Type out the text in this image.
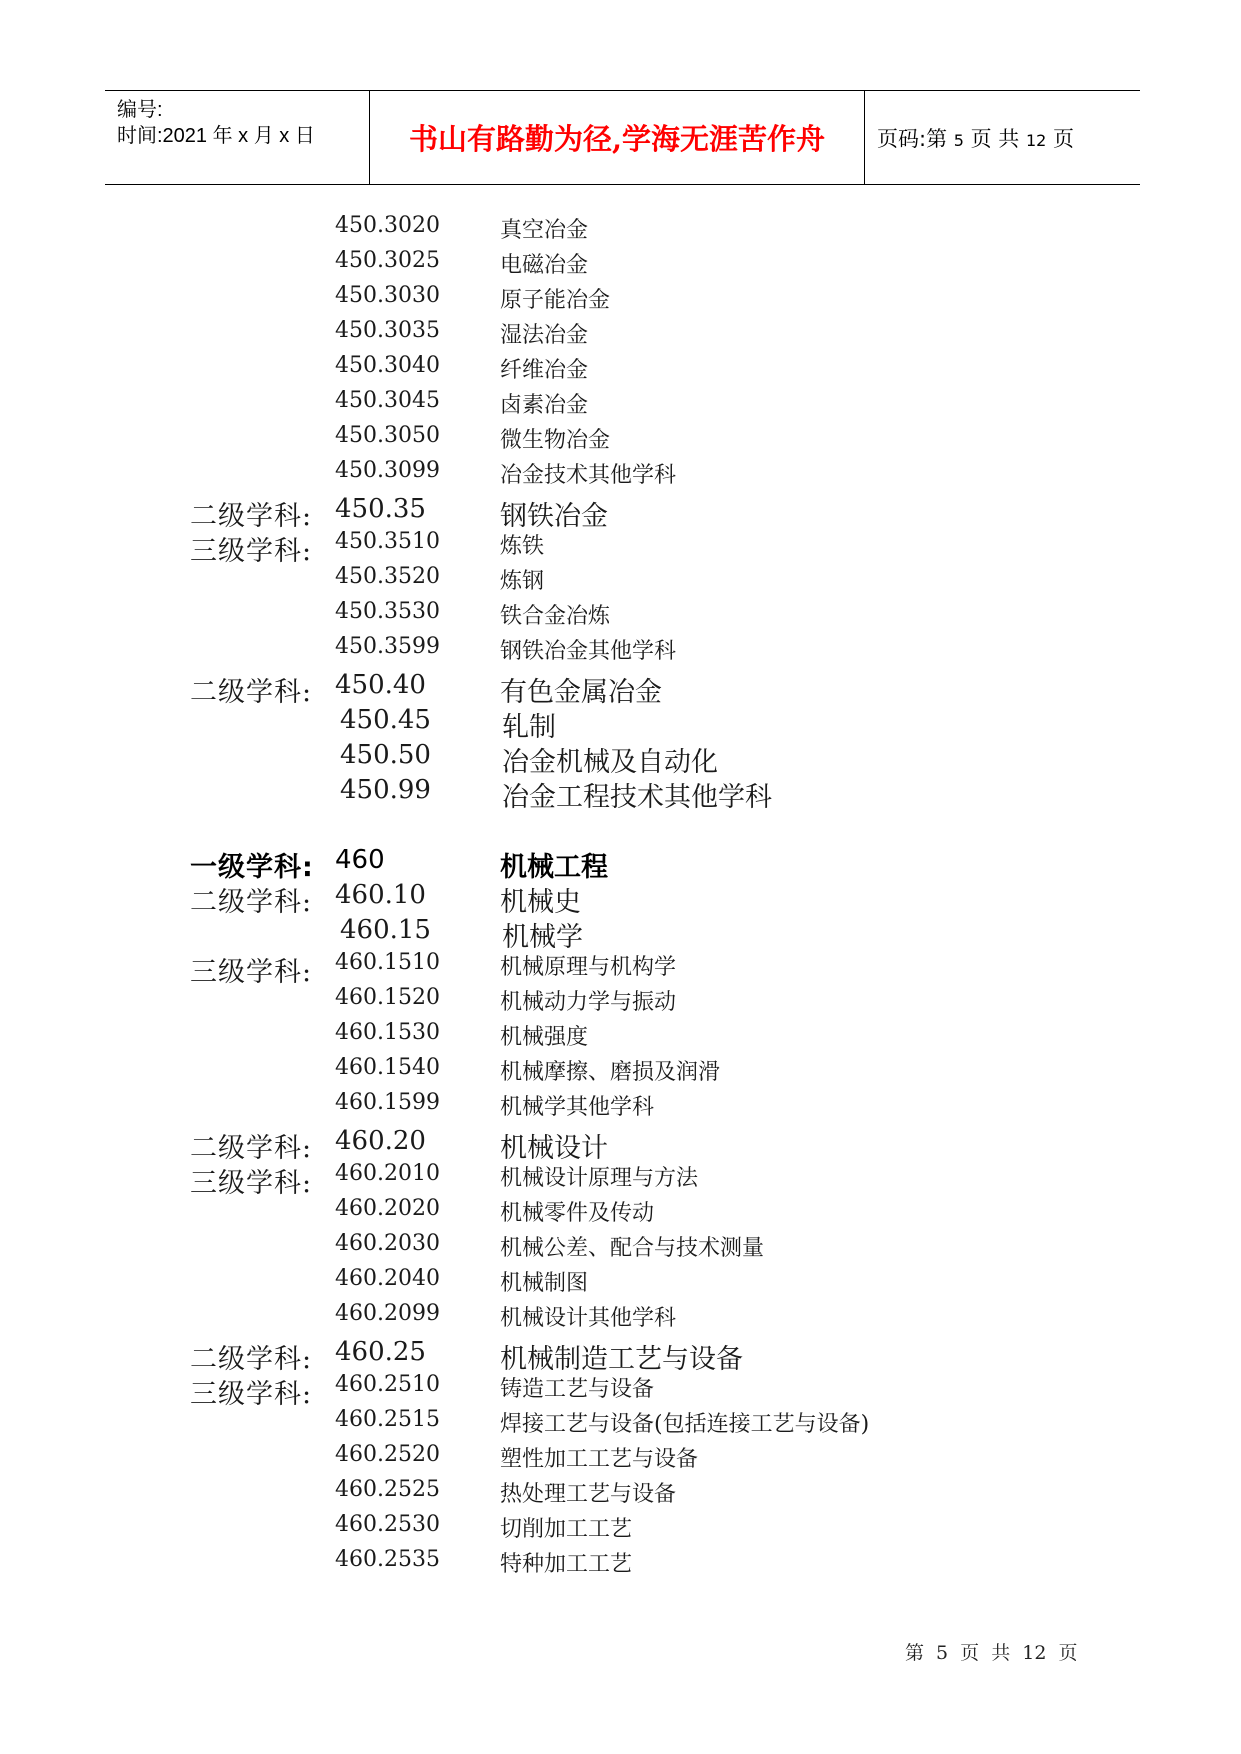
编号:
时间:2021 年 x 月 x 日	书山有路勤为径,学海无涯苦作舟	页码:第 5 页 共 12 页
450.3020	真空冶金
450.3025	电磁冶金
450.3030	原子能冶金
450.3035	湿法冶金
450.3040	纤维冶金
450.3045	卤素冶金
450.3050	微生物冶金
450.3099	冶金技术其他学科
二级学科: 450.35	钢铁冶金
三级学科: 450.3510	炼铁
450.3520	炼钢
450.3530	铁合金冶炼
450.3599	钢铁冶金其他学科
二级学科: 450.40	有色金属冶金
450.45	轧制
450.50	冶金机械及自动化
450.99	冶金工程技术其他学科
一级学科: 460	机械工程
二级学科: 460.10	机械史
460.15	机械学
三级学科: 460.1510	机械原理与机构学
460.1520	机械动力学与振动
460.1530	机械强度
460.1540	机械摩擦、磨损及润滑
460.1599	机械学其他学科
二级学科: 460.20	机械设计
三级学科: 460.2010	机械设计原理与方法
460.2020	机械零件及传动
460.2030	机械公差、配合与技术测量
460.2040	机械制图
460.2099	机械设计其他学科
二级学科: 460.25	机械制造工艺与设备
三级学科: 460.2510	铸造工艺与设备
460.2515	焊接工艺与设备(包括连接工艺与设备)
460.2520	塑性加工工艺与设备
460.2525	热处理工艺与设备
460.2530	切削加工工艺
460.2535	特种加工工艺
第 5 页 共 12 页
